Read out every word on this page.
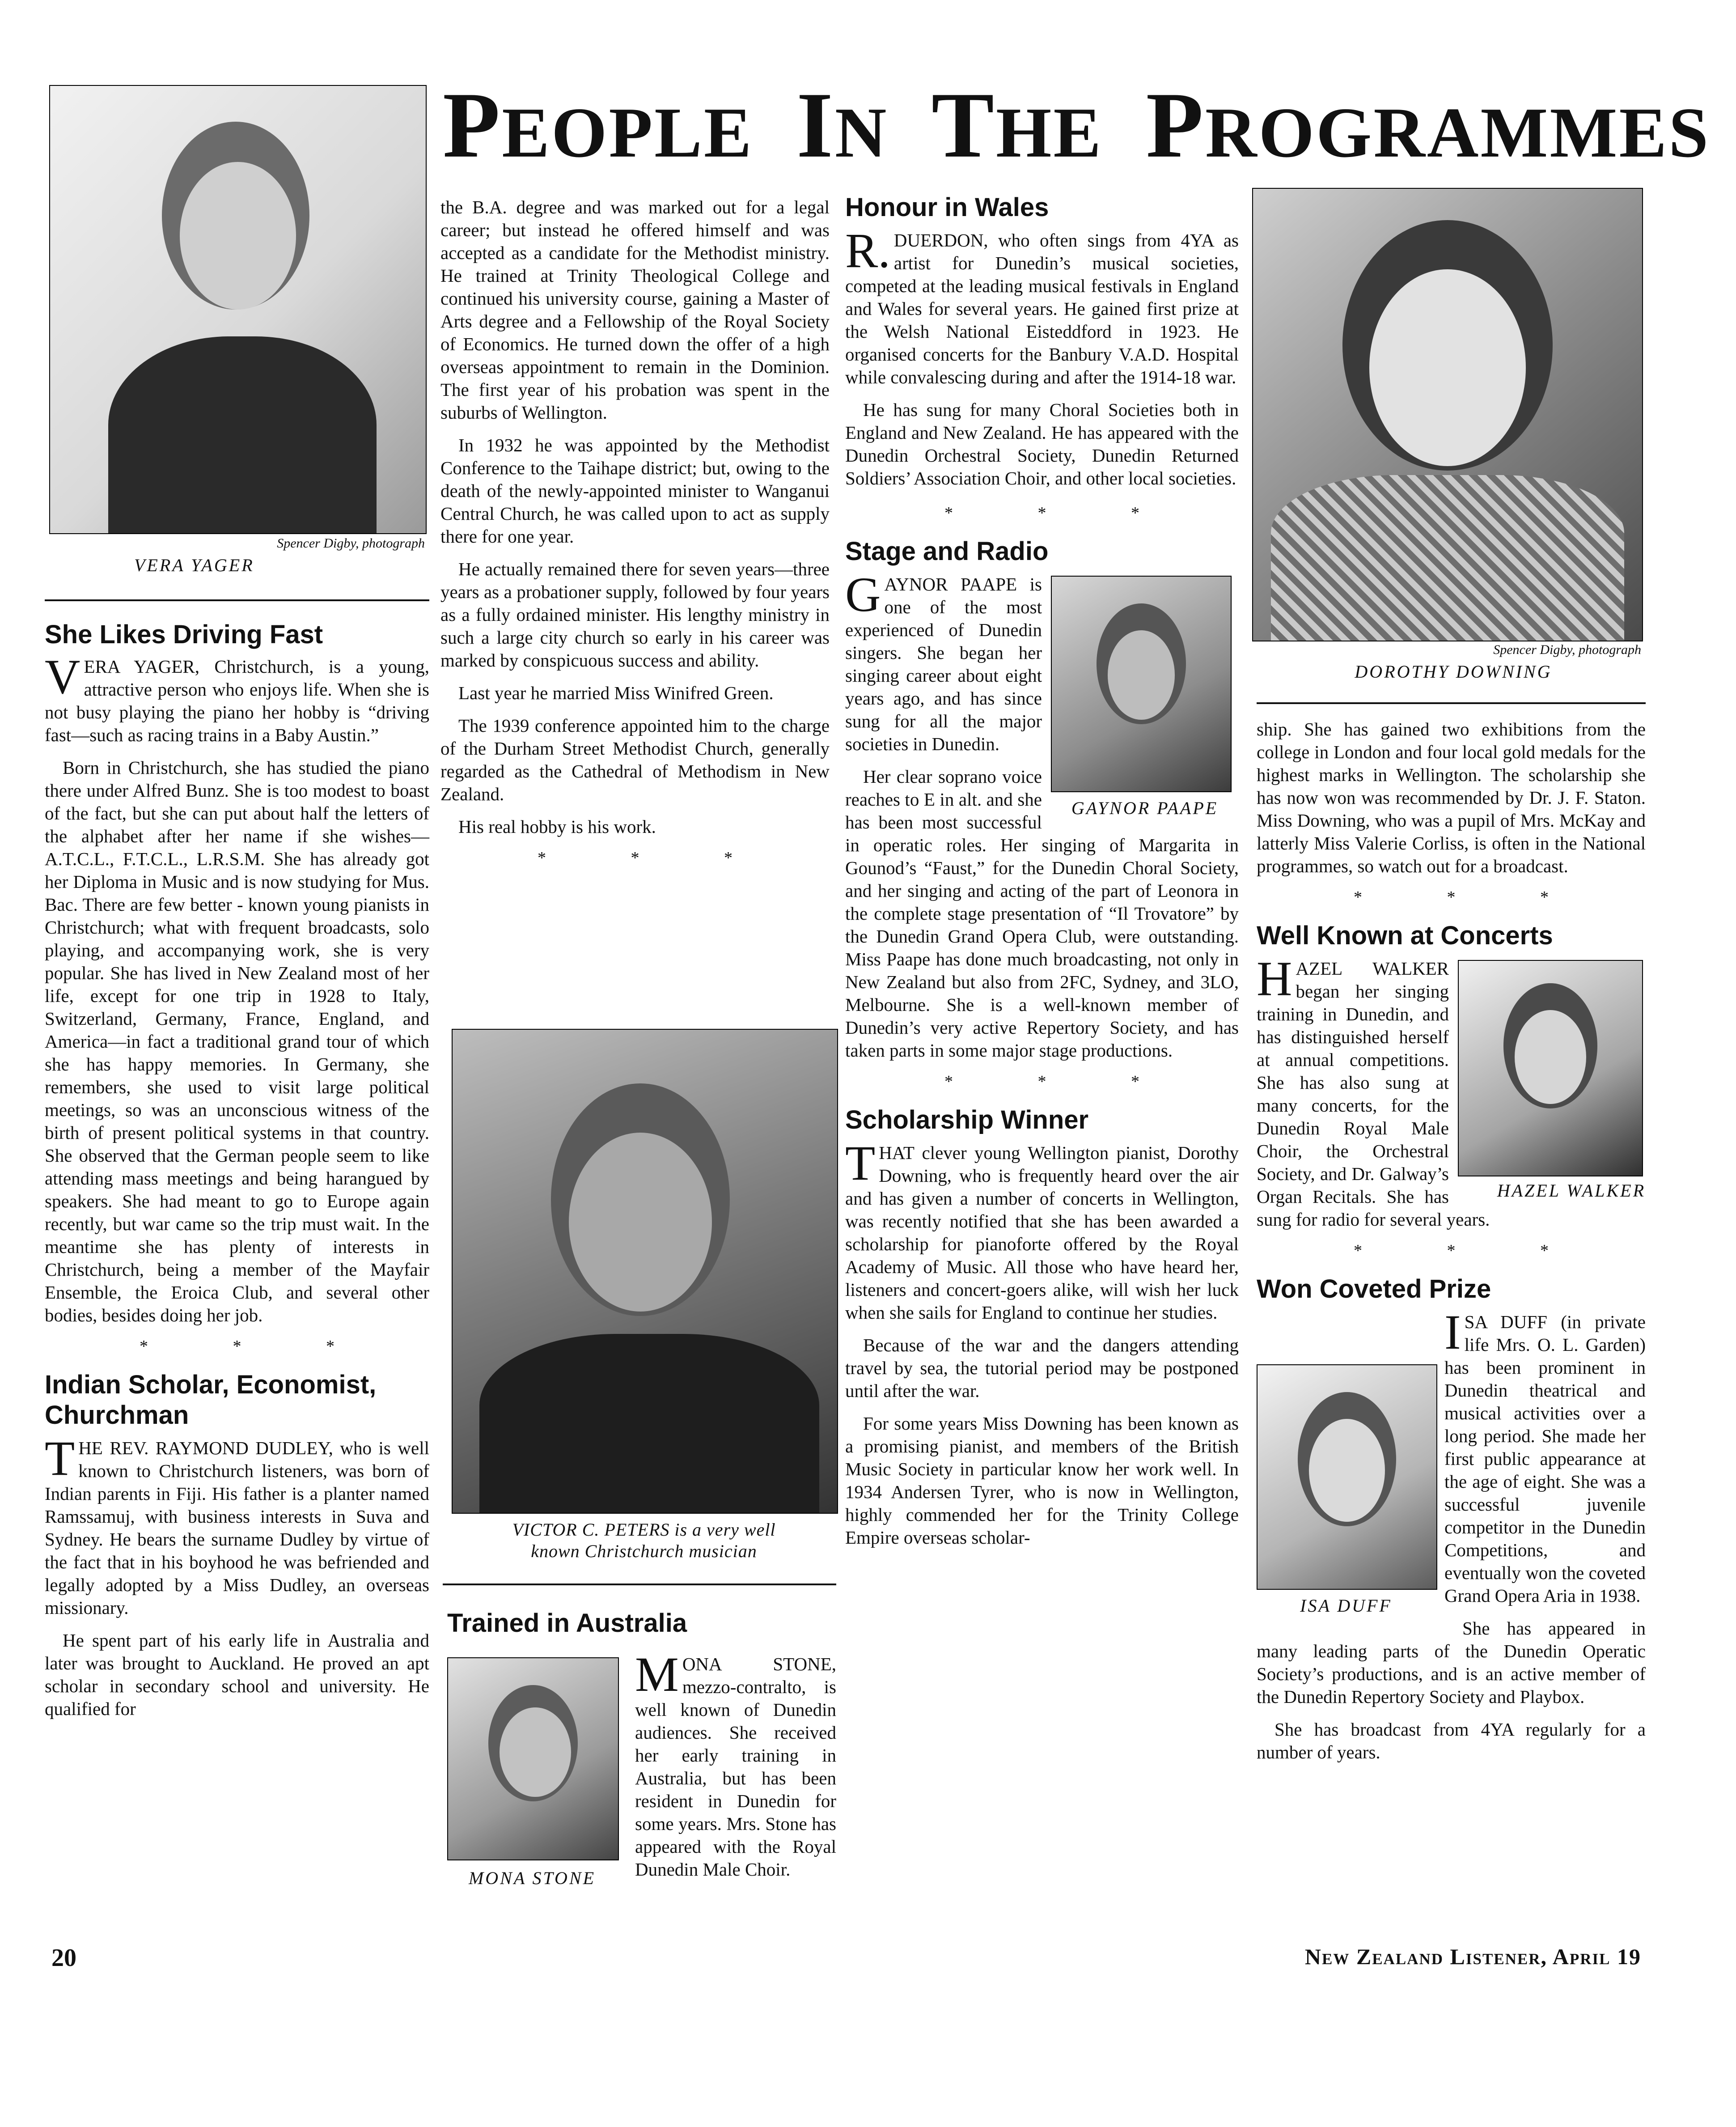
PEOPLE IN THE PROGRAMMES
Spencer Digby, photograph
VERA YAGER
She Likes Driving Fast

VERA YAGER, Christchurch, is a young, attractive person who enjoys life. When she is not busy playing the piano her hobby is “driving fast—such as racing trains in a Baby Austin.”

Born in Christchurch, she has studied the piano there under Alfred Bunz. She is too modest to boast of the fact, but she can put about half the letters of the alphabet after her name if she wishes—A.T.C.L., F.T.C.L., L.R.S.M. She has already got her Diploma in Music and is now studying for Mus. Bac. There are few better - known young pianists in Christchurch; what with frequent broadcasts, solo playing, and accompanying work, she is very popular. She has lived in New Zealand most of her life, except for one trip in 1928 to Italy, Switzerland, Germany, France, England, and America—in fact a traditional grand tour of which she has happy memories. In Germany, she remembers, she used to visit large political meetings, so was an unconscious witness of the birth of present political systems in that country. She observed that the German people seem to like attending mass meetings and being harangued by speakers. She had meant to go to Europe again recently, but war came so the trip must wait. In the meantime she has plenty of interests in Christchurch, being a member of the Mayfair Ensemble, the Eroica Club, and several other bodies, besides doing her job.

* * *
Indian Scholar, Economist, Churchman

THE REV. RAYMOND DUDLEY, who is well known to Christchurch listeners, was born of Indian parents in Fiji. His father is a planter named Ramssamuj, with business interests in Suva and Sydney. He bears the surname Dudley by virtue of the fact that in his boyhood he was befriended and legally adopted by a Miss Dudley, an overseas missionary.

He spent part of his early life in Australia and later was brought to Auckland. He proved an apt scholar in secondary school and university. He qualified for

the B.A. degree and was marked out for a legal career; but instead he offered himself and was accepted as a candidate for the Methodist ministry. He trained at Trinity Theological College and continued his university course, gaining a Master of Arts degree and a Fellowship of the Royal Society of Economics. He turned down the offer of a high overseas appointment to remain in the Dominion. The first year of his probation was spent in the suburbs of Wellington.

In 1932 he was appointed by the Methodist Conference to the Taihape district; but, owing to the death of the newly-appointed minister to Wanganui Central Church, he was called upon to act as supply there for one year.

He actually remained there for seven years—three years as a probationer supply, followed by four years as a fully ordained minister. His lengthy ministry in such a large city church so early in his career was marked by conspicuous success and ability.

Last year he married Miss Winifred Green.

The 1939 conference appointed him to the charge of the Durham Street Methodist Church, generally regarded as the Cathedral of Methodism in New Zealand.

His real hobby is his work.

* * *
VICTOR C. PETERS is a very well
known Christchurch musician
Trained in Australia
MONA STONE

MONA STONE, mezzo-contralto, is well known of Dunedin audiences. She received her early training in Australia, but has been resident in Dunedin for some years. Mrs. Stone has appeared with the Royal Dunedin Male Choir.

Honour in Wales

R. DUERDON, who often sings from 4YA as artist for Dunedin’s musical societies, competed at the leading musical festivals in England and Wales for several years. He gained first prize at the Welsh National Eisteddford in 1923. He organised concerts for the Banbury V.A.D. Hospital while convalescing during and after the 1914-18 war.

He has sung for many Choral Societies both in England and New Zealand. He has appeared with the Dunedin Orchestral Society, Dunedin Returned Soldiers’ Association Choir, and other local societies.

* * *
Stage and Radio
GAYNOR PAAPE

GAYNOR PAAPE is one of the most experienced of Dunedin singers. She began her singing career about eight years ago, and has since sung for all the major societies in Dunedin.

Her clear soprano voice reaches to E in alt. and she has been most successful in operatic roles. Her singing of Margarita in Gounod’s “Faust,” for the Dunedin Choral Society, and her singing and acting of the part of Leonora in the complete stage presentation of “Il Trovatore” by the Dunedin Grand Opera Club, were outstanding. Miss Paape has done much broadcasting, not only in New Zealand but also from 2FC, Sydney, and 3LO, Melbourne. She is a well-known member of Dunedin’s very active Repertory Society, and has taken parts in some major stage productions.

* * *
Scholarship Winner

THAT clever young Wellington pianist, Dorothy Downing, who is frequently heard over the air and has given a number of concerts in Wellington, was recently notified that she has been awarded a scholarship for pianoforte offered by the Royal Academy of Music. All those who have heard her, listeners and concert-goers alike, will wish her luck when she sails for England to continue her studies.

Because of the war and the dangers attending travel by sea, the tutorial period may be postponed until after the war.

For some years Miss Downing has been known as a promising pianist, and members of the British Music Society in particular know her work well. In 1934 Andersen Tyrer, who is now in Wellington, highly commended her for the Trinity College Empire overseas scholar-

Spencer Digby, photograph
DOROTHY DOWNING

ship. She has gained two exhibitions from the college in London and four local gold medals for the highest marks in Wellington. The scholarship she has now won was recommended by Dr. J. F. Staton. Miss Downing, who was a pupil of Mrs. McKay and latterly Miss Valerie Corliss, is often in the National programmes, so watch out for a broadcast.

* * *
Well Known at Concerts
HAZEL WALKER

HAZEL WALKER began her singing training in Dunedin, and has distinguished herself at annual competitions. She has also sung at many concerts, for the Dunedin Royal Male Choir, the Orchestral Society, and Dr. Galway’s Organ Recitals. She has sung for radio for several years.

* * *
Won Coveted Prize
ISA DUFF

ISA DUFF (in private life Mrs. O. L. Garden) has been prominent in Dunedin theatrical and musical activities over a long period. She made her first public appearance at the age of eight. She was a successful juvenile competitor in the Dunedin Competitions, and eventually won the coveted Grand Opera Aria in 1938.

She has appeared in many leading parts of the Dunedin Operatic Society’s productions, and is an active member of the Dunedin Repertory Society and Playbox.

She has broadcast from 4YA regularly for a number of years.

20	New Zealand Listener, April 19
